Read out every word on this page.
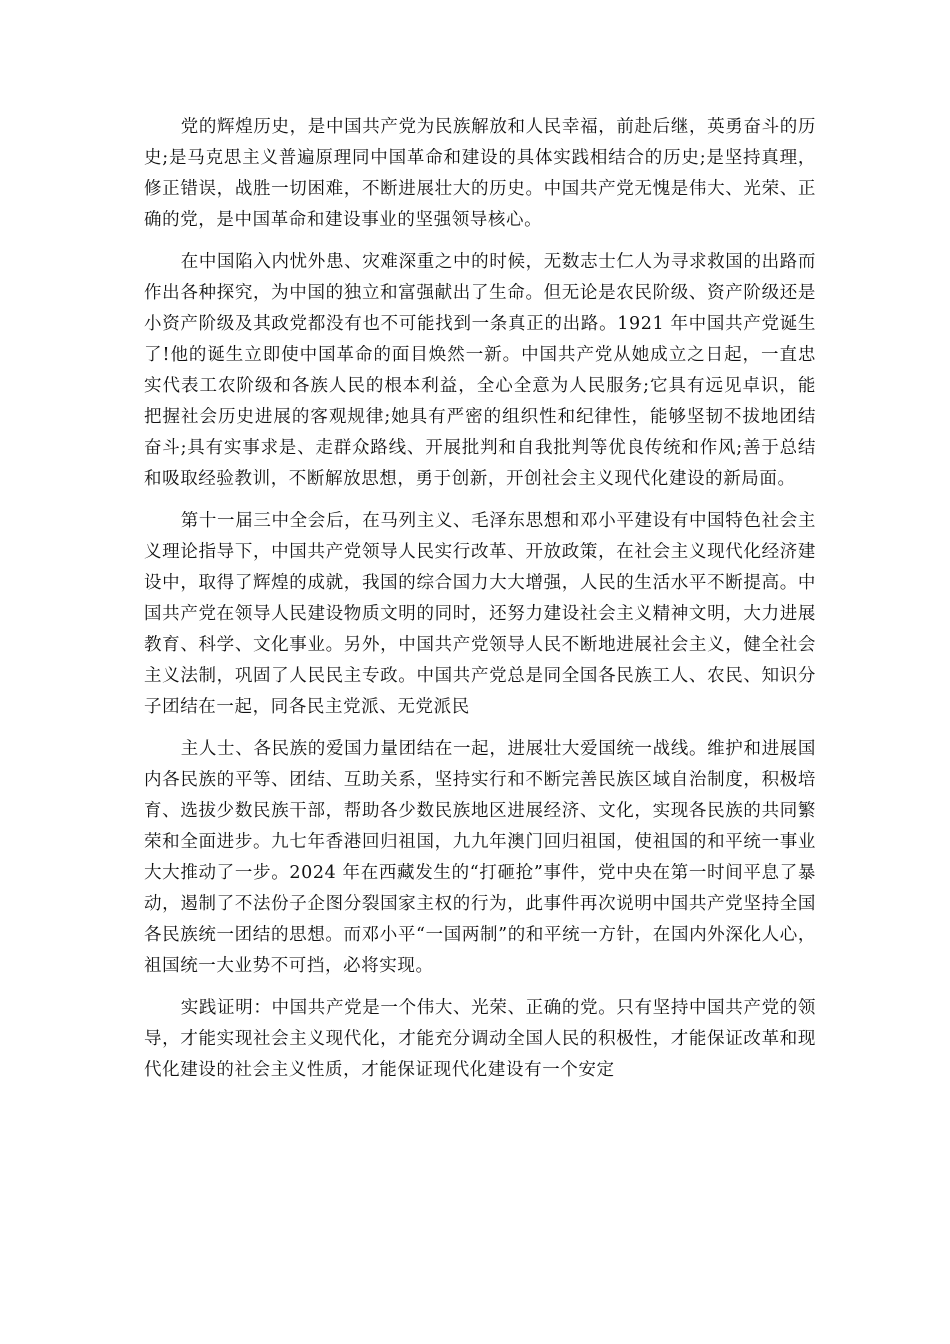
党的辉煌历史，是中国共产党为民族解放和人民幸福，前赴后继，英勇奋斗的历史;是马克思主义普遍原理同中国革命和建设的具体实践相结合的历史;是坚持真理，修正错误，战胜一切困难，不断进展壮大的历史。中国共产党无愧是伟大、光荣、正确的党，是中国革命和建设事业的坚强领导核心。

在中国陷入内忧外患、灾难深重之中的时候，无数志士仁人为寻求救国的出路而作出各种探究，为中国的独立和富强献出了生命。但无论是农民阶级、资产阶级还是小资产阶级及其政党都没有也不可能找到一条真正的出路。1921 年中国共产党诞生了!他的诞生立即使中国革命的面目焕然一新。中国共产党从她成立之日起，一直忠实代表工农阶级和各族人民的根本利益，全心全意为人民服务;它具有远见卓识，能把握社会历史进展的客观规律;她具有严密的组织性和纪律性，能够坚韧不拔地团结奋斗;具有实事求是、走群众路线、开展批判和自我批判等优良传统和作风;善于总结和吸取经验教训，不断解放思想，勇于创新，开创社会主义现代化建设的新局面。

第十一届三中全会后，在马列主义、毛泽东思想和邓小平建设有中国特色社会主义理论指导下，中国共产党领导人民实行改革、开放政策，在社会主义现代化经济建设中，取得了辉煌的成就，我国的综合国力大大增强，人民的生活水平不断提高。中国共产党在领导人民建设物质文明的同时，还努力建设社会主义精神文明，大力进展教育、科学、文化事业。另外，中国共产党领导人民不断地进展社会主义，健全社会主义法制，巩固了人民民主专政。中国共产党总是同全国各民族工人、农民、知识分子团结在一起，同各民主党派、无党派民

主人士、各民族的爱国力量团结在一起，进展壮大爱国统一战线。维护和进展国内各民族的平等、团结、互助关系，坚持实行和不断完善民族区域自治制度，积极培育、选拔少数民族干部，帮助各少数民族地区进展经济、文化，实现各民族的共同繁荣和全面进步。九七年香港回归祖国，九九年澳门回归祖国，使祖国的和平统一事业大大推动了一步。2024 年在西藏发生的“打砸抢”事件，党中央在第一时间平息了暴动，遏制了不法份子企图分裂国家主权的行为，此事件再次说明中国共产党坚持全国各民族统一团结的思想。而邓小平“一国两制”的和平统一方针，在国内外深化人心，祖国统一大业势不可挡，必将实现。

实践证明：中国共产党是一个伟大、光荣、正确的党。只有坚持中国共产党的领导，才能实现社会主义现代化，才能充分调动全国人民的积极性，才能保证改革和现代化建设的社会主义性质，才能保证现代化建设有一个安定
